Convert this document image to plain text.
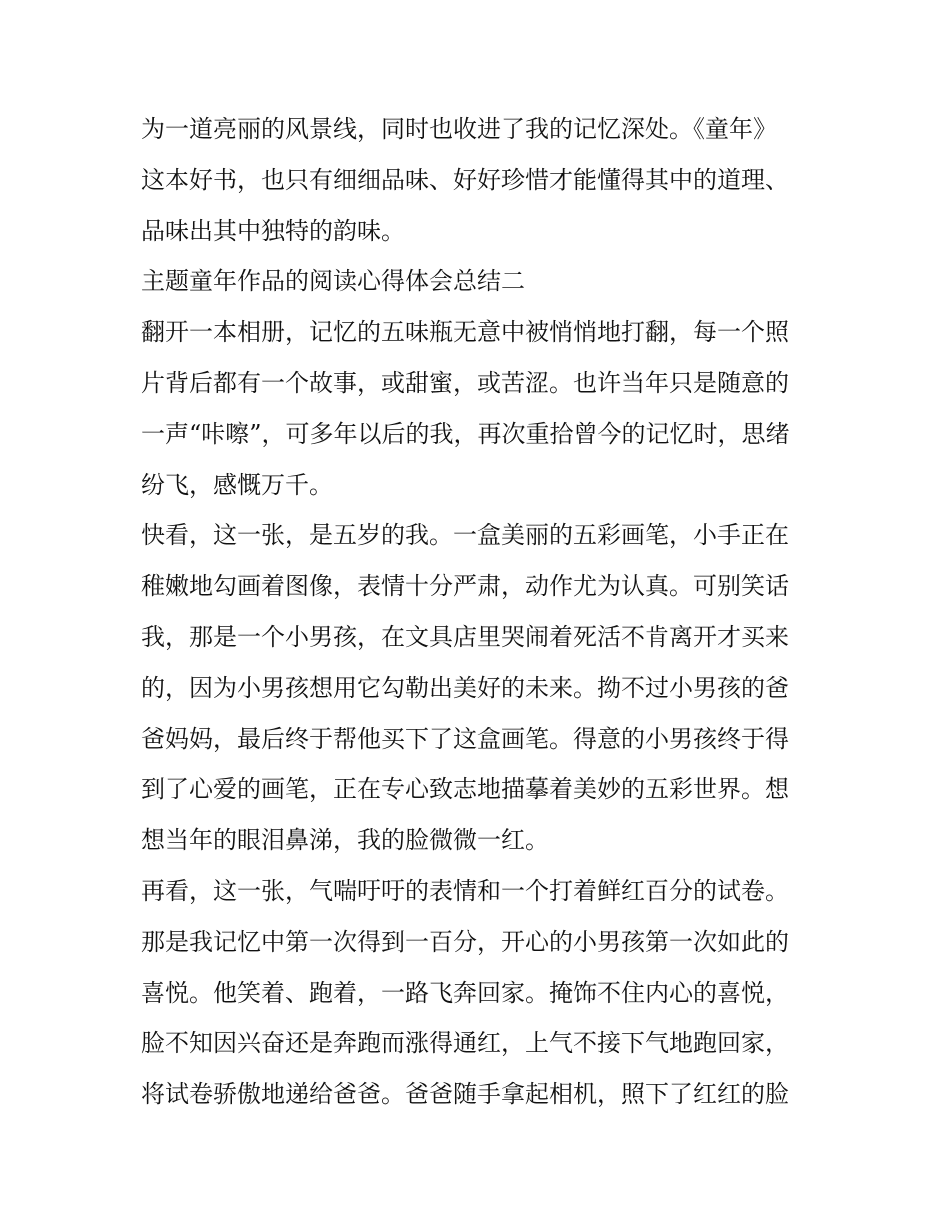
为一道亮丽的风景线，同时也收进了我的记忆深处。《童年》
这本好书，也只有细细品味、好好珍惜才能懂得其中的道理、
品味出其中独特的韵味。
主题童年作品的阅读心得体会总结二
翻开一本相册，记忆的五味瓶无意中被悄悄地打翻，每一个照
片背后都有一个故事，或甜蜜，或苦涩。也许当年只是随意的
一声“咔嚓”，可多年以后的我，再次重拾曾今的记忆时，思绪
纷飞，感慨万千。
快看，这一张，是五岁的我。一盒美丽的五彩画笔，小手正在
稚嫩地勾画着图像，表情十分严肃，动作尤为认真。可别笑话
我，那是一个小男孩，在文具店里哭闹着死活不肯离开才买来
的，因为小男孩想用它勾勒出美好的未来。拗不过小男孩的爸
爸妈妈，最后终于帮他买下了这盒画笔。得意的小男孩终于得
到了心爱的画笔，正在专心致志地描摹着美妙的五彩世界。想
想当年的眼泪鼻涕，我的脸微微一红。
再看，这一张，气喘吁吁的表情和一个打着鲜红百分的试卷。
那是我记忆中第一次得到一百分，开心的小男孩第一次如此的
喜悦。他笑着、跑着，一路飞奔回家。掩饰不住内心的喜悦，
脸不知因兴奋还是奔跑而涨得通红，上气不接下气地跑回家，
将试卷骄傲地递给爸爸。爸爸随手拿起相机，照下了红红的脸
